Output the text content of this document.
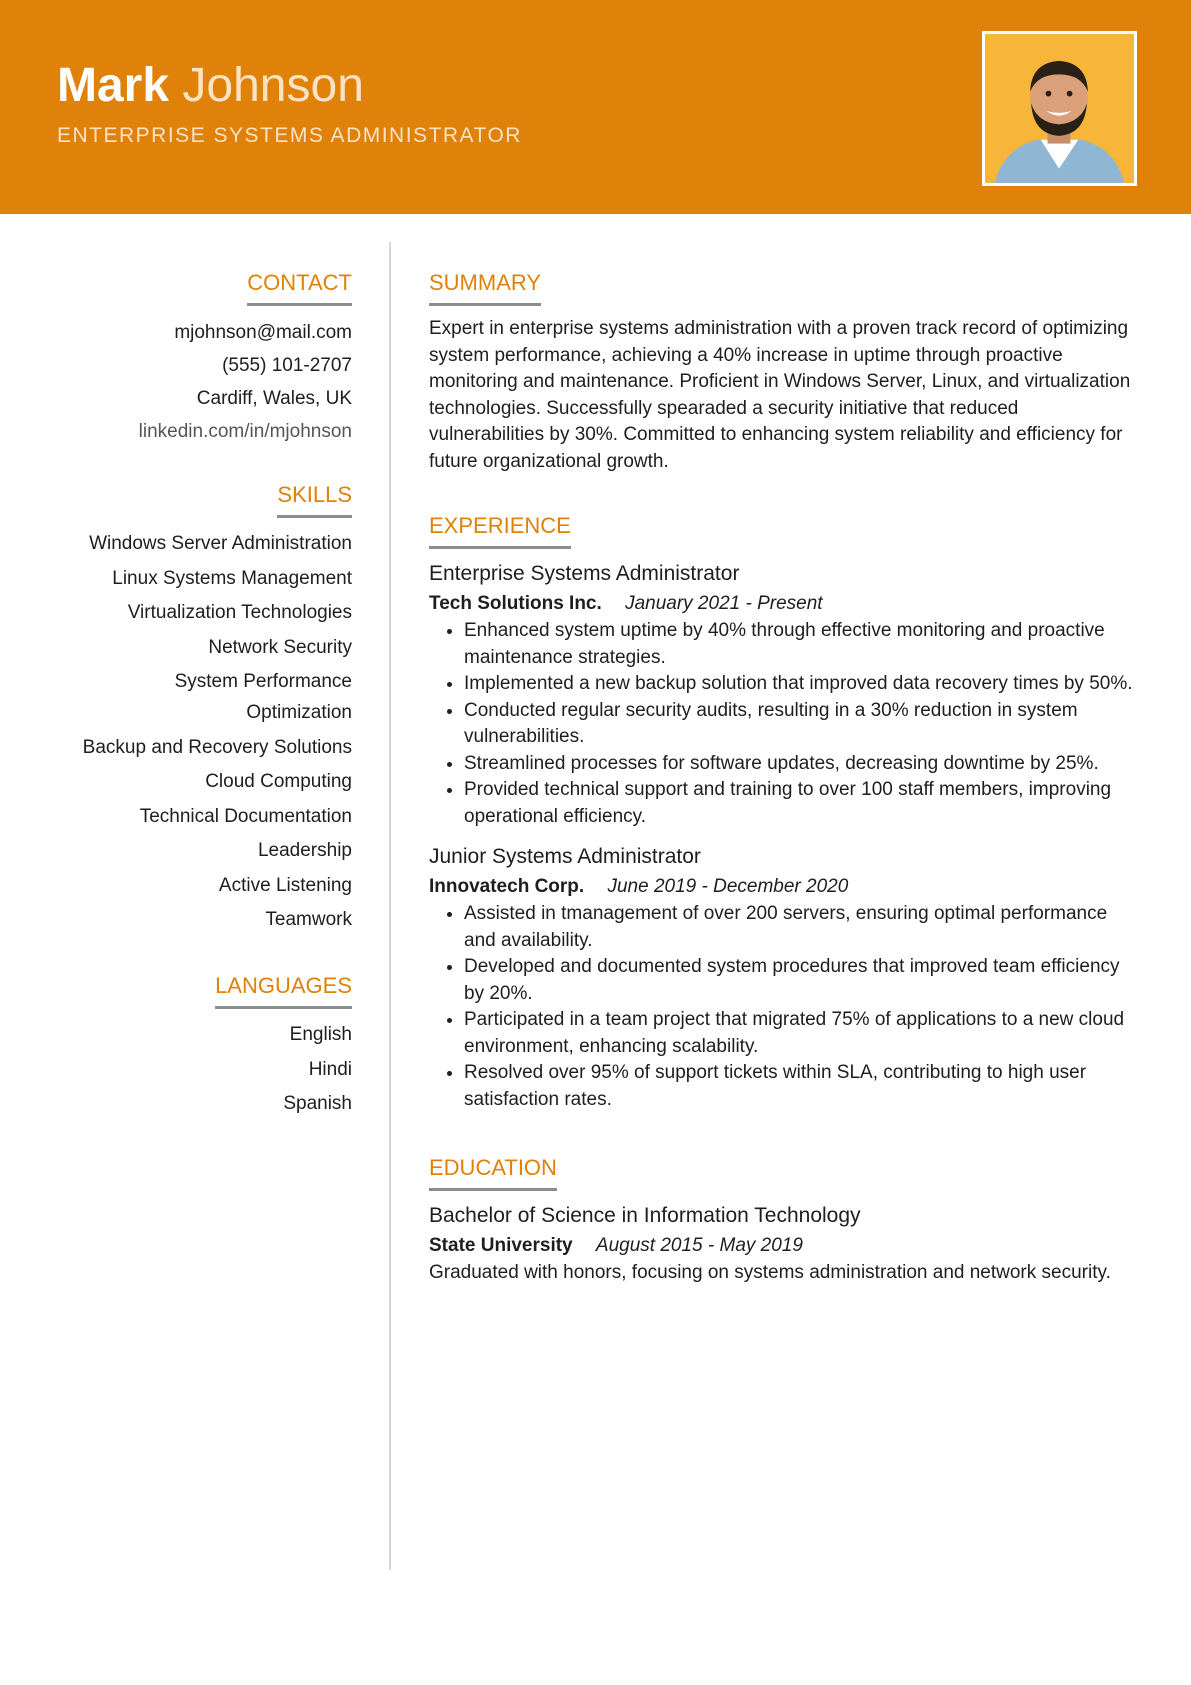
Mark Johnson
ENTERPRISE SYSTEMS ADMINISTRATOR
CONTACT
mjohnson@mail.com
(555) 101-2707
Cardiff, Wales, UK
linkedin.com/in/mjohnson
SKILLS
Windows Server Administration
Linux Systems Management
Virtualization Technologies
Network Security
System Performance Optimization
Backup and Recovery Solutions
Cloud Computing
Technical Documentation
Leadership
Active Listening
Teamwork
LANGUAGES
English
Hindi
Spanish
SUMMARY

Expert in enterprise systems administration with a proven track record of optimizing system performance, achieving a 40% increase in uptime through proactive monitoring and maintenance. Proficient in Windows Server, Linux, and virtualization technologies. Successfully spearaded a security initiative that reduced vulnerabilities by 30%. Committed to enhancing system reliability and efficiency for future organizational growth.

EXPERIENCE
Enterprise Systems Administrator
Tech Solutions Inc. January 2021 - Present
• Enhanced system uptime by 40% through effective monitoring and proactive maintenance strategies.
• Implemented a new backup solution that improved data recovery times by 50%.
• Conducted regular security audits, resulting in a 30% reduction in system vulnerabilities.
• Streamlined processes for software updates, decreasing downtime by 25%.
• Provided technical support and training to over 100 staff members, improving operational efficiency.
Junior Systems Administrator
Innovatech Corp. June 2019 - December 2020
• Assisted in tmanagement of over 200 servers, ensuring optimal performance and availability.
• Developed and documented system procedures that improved team efficiency by 20%.
• Participated in a team project that migrated 75% of applications to a new cloud environment, enhancing scalability.
• Resolved over 95% of support tickets within SLA, contributing to high user satisfaction rates.
EDUCATION
Bachelor of Science in Information Technology
State University August 2015 - May 2019
Graduated with honors, focusing on systems administration and network security.
